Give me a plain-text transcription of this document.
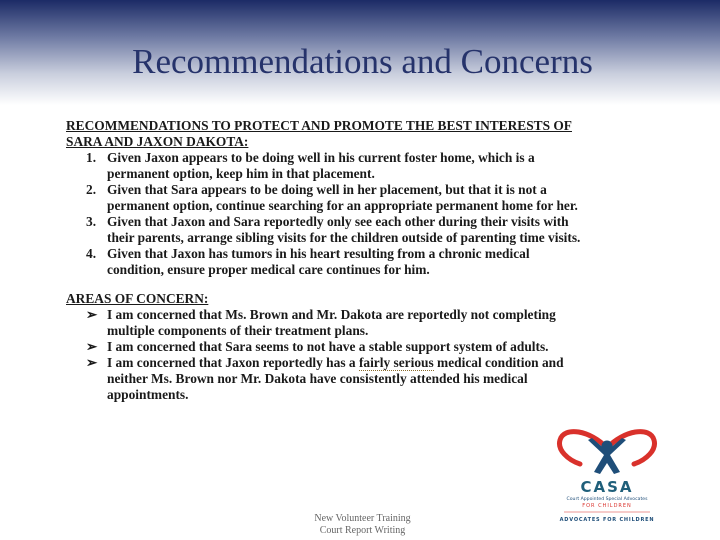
Recommendations and Concerns
RECOMMENDATIONS TO PROTECT AND PROMOTE THE BEST INTERESTS OF
SARA AND JAXON DAKOTA:
1. Given Jaxon appears to be doing well in his current foster home, which is a
permanent option, keep him in that placement.
2. Given that Sara appears to be doing well in her placement, but that it is not a
permanent option, continue searching for an appropriate permanent home for her.
3. Given that Jaxon and Sara reportedly only see each other during their visits with
their parents, arrange sibling visits for the children outside of parenting time visits.
4. Given that Jaxon has tumors in his heart resulting from a chronic medical
condition, ensure proper medical care continues for him.
AREAS OF CONCERN:
➢ I am concerned that Ms. Brown and Mr. Dakota are reportedly not completing
multiple components of their treatment plans.
➢ I am concerned that Sara seems to not have a stable support system of adults.
➢ I am concerned that Jaxon reportedly has a fairly serious medical condition and
neither Ms. Brown nor Mr. Dakota have consistently attended his medical
appointments.
CASA
Court Appointed Special Advocates
FOR CHILDREN
ADVOCATES FOR CHILDREN
New Volunteer Training
Court Report Writing
